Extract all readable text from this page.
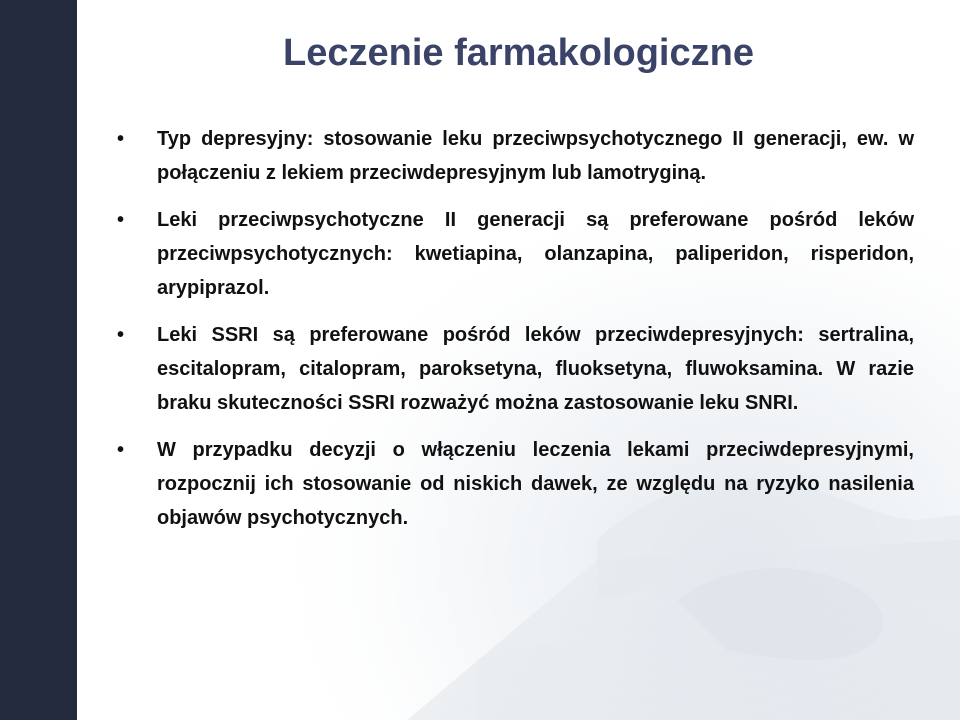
Leczenie farmakologiczne
•	Typ depresyjny: stosowanie leku przeciwpsychotycznego II generacji, ew. w połączeniu z lekiem przeciwdepresyjnym lub lamotryginą.
•	Leki przeciwpsychotyczne II generacji są preferowane pośród leków przeciwpsychotycznych: kwetiapina, olanzapina, paliperidon, risperidon, arypiprazol.
•	Leki SSRI są preferowane pośród leków przeciwdepresyjnych: sertralina, escitalopram, citalopram, paroksetyna, fluoksetyna, fluwoksamina. W razie braku skuteczności SSRI rozważyć można zastosowanie leku SNRI.
•	W przypadku decyzji o włączeniu leczenia lekami przeciwdepresyjnymi, rozpocznij ich stosowanie od niskich dawek, ze względu na ryzyko nasilenia objawów psychotycznych.
